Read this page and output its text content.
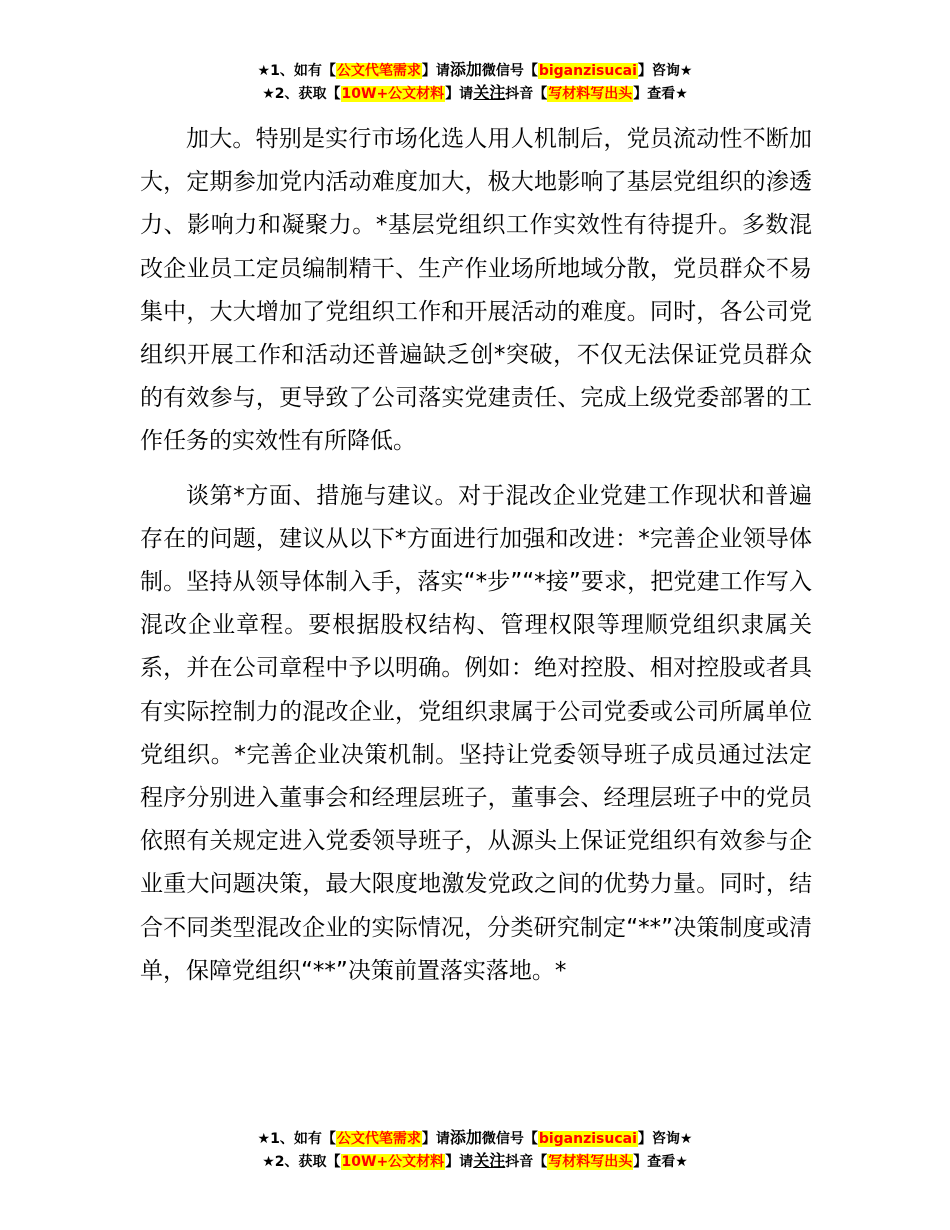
★1、如有【公文代笔需求】请添加微信号【biganzisucai】咨询★
★2、获取【10W+公文材料】请关注抖音【写材料写出头】查看★

加大。特别是实行市场化选人用人机制后，党员流动性不断加大，定期参加党内活动难度加大，极大地影响了基层党组织的渗透力、影响力和凝聚力。*基层党组织工作实效性有待提升。多数混改企业员工定员编制精干、生产作业场所地域分散，党员群众不易集中，大大增加了党组织工作和开展活动的难度。同时，各公司党组织开展工作和活动还普遍缺乏创*突破，不仅无法保证党员群众的有效参与，更导致了公司落实党建责任、完成上级党委部署的工作任务的实效性有所降低。

谈第*方面、措施与建议。对于混改企业党建工作现状和普遍存在的问题，建议从以下*方面进行加强和改进：*完善企业领导体制。坚持从领导体制入手，落实“*步”“*接”要求，把党建工作写入混改企业章程。要根据股权结构、管理权限等理顺党组织隶属关系，并在公司章程中予以明确。例如：绝对控股、相对控股或者具有实际控制力的混改企业，党组织隶属于公司党委或公司所属单位党组织。*完善企业决策机制。坚持让党委领导班子成员通过法定程序分别进入董事会和经理层班子，董事会、经理层班子中的党员依照有关规定进入党委领导班子，从源头上保证党组织有效参与企业重大问题决策，最大限度地激发党政之间的优势力量。同时，结合不同类型混改企业的实际情况，分类研究制定“**”决策制度或清单，保障党组织“**”决策前置落实落地。*

★1、如有【公文代笔需求】请添加微信号【biganzisucai】咨询★
★2、获取【10W+公文材料】请关注抖音【写材料写出头】查看★
